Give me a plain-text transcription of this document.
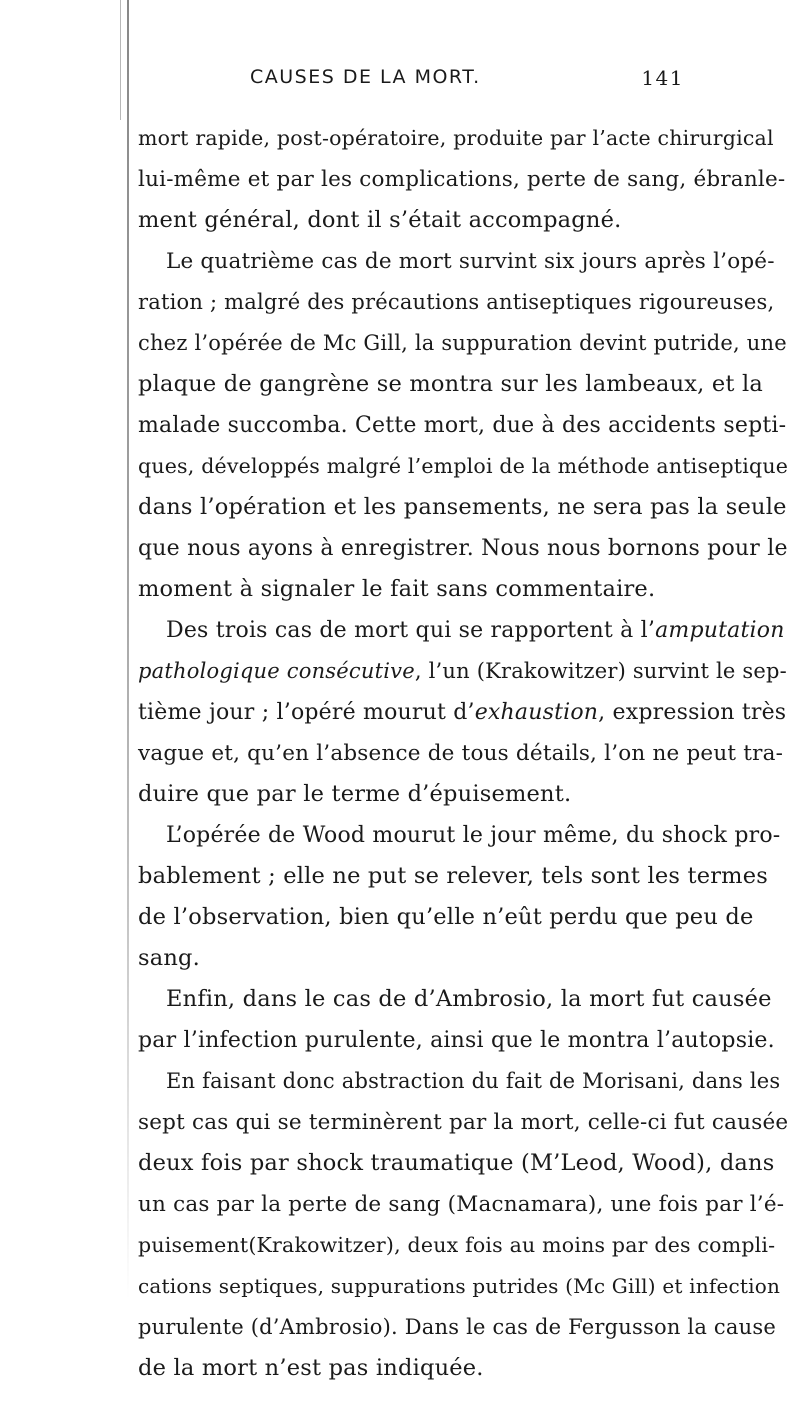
CAUSES DE LA MORT.	141
mort rapide, post-opératoire, produite par l’acte chirurgical
lui-même et par les complications, perte de sang, ébranle-
ment général, dont il s’était accompagné.
Le quatrième cas de mort survint six jours après l’opé-
ration ; malgré des précautions antiseptiques rigoureuses,
chez l’opérée de Mc Gill, la suppuration devint putride, une
plaque de gangrène se montra sur les lambeaux, et la
malade succomba. Cette mort, due à des accidents septi-
ques, développés malgré l’emploi de la méthode antiseptique
dans l’opération et les pansements, ne sera pas la seule
que nous ayons à enregistrer. Nous nous bornons pour le
moment à signaler le fait sans commentaire.
Des trois cas de mort qui se rapportent à l’amputation
pathologique consécutive, l’un (Krakowitzer) survint le sep-
tième jour ; l’opéré mourut d’exhaustion, expression très
vague et, qu’en l’absence de tous détails, l’on ne peut tra-
duire que par le terme d’épuisement.
L’opérée de Wood mourut le jour même, du shock pro-
bablement ; elle ne put se relever, tels sont les termes
de l’observation, bien qu’elle n’eût perdu que peu de
sang.
Enfin, dans le cas de d’Ambrosio, la mort fut causée
par l’infection purulente, ainsi que le montra l’autopsie.
En faisant donc abstraction du fait de Morisani, dans les
sept cas qui se terminèrent par la mort, celle-ci fut causée
deux fois par shock traumatique (M’Leod, Wood), dans
un cas par la perte de sang (Macnamara), une fois par l’é-
puisement(Krakowitzer), deux fois au moins par des compli-
cations septiques, suppurations putrides (Mc Gill) et infection
purulente (d’Ambrosio). Dans le cas de Fergusson la cause
de la mort n’est pas indiquée.
